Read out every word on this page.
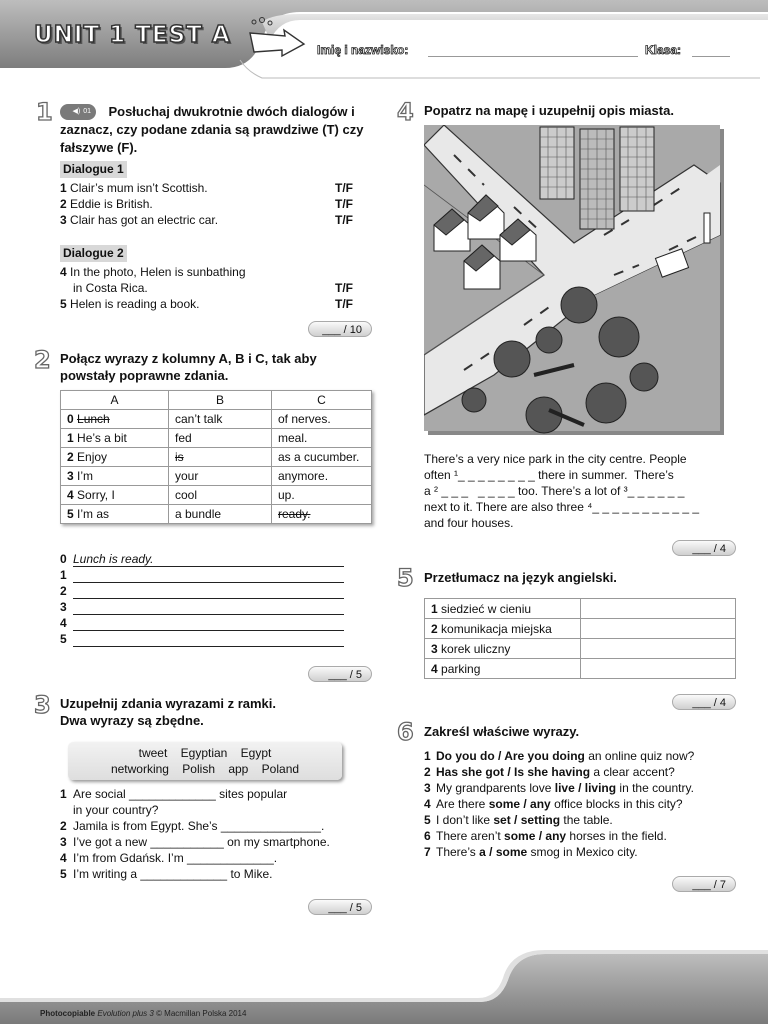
UNIT 1 TEST A
Imię i nazwisko:	Klasa:
1	◀) 01 Posłuchaj dwukrotnie dwóch dialogów i zaznacz, czy podane zdania są prawdziwe (T) czy fałszywe (F).
Dialogue 1
1 Clair’s mum isn’t Scottish.	T/F
2 Eddie is British.	T/F
3 Clair has got an electric car.	T/F
Dialogue 2
4 In the photo, Helen is sunbathing
in Costa Rica.	T/F
5 Helen is reading a book.	T/F
___ / 10
2 Połącz wyrazy z kolumny A, B i C, tak aby powstały poprawne zdania.
A	B	C
0 Lunch	can’t talk	of nerves.
1 He’s a bit	fed	meal.
2 Enjoy	is	as a cucumber.
3 I’m	your	anymore.
4 Sorry, I	cool	up.
5 I’m as	a bundle	ready.
0 Lunch is ready.
1
2
3
4
5
___ / 5
3 Uzupełnij zdania wyrazami z ramki.
Dwa wyrazy są zbędne.
tweet    Egyptian    Egypt
networking    Polish    app    Poland
1 Are social _____________ sites popular
in your country?
2 Jamila is from Egypt. She’s _______________.
3 I’ve got a new ___________ on my smartphone.
4 I’m from Gdańsk. I’m _____________.
5 I’m writing a _____________ to Mike.
___ / 5
4 Popatrz na mapę i uzupełnij opis miasta.
There’s a very nice park in the city centre. People
often ¹_ _ _ _ _ _ _ _ there in summer.  There’s
a ² _ _ _   _ _ _ _ too. There’s a lot of ³_ _ _ _ _ _
next to it. There are also three ⁴_ _ _ _ _ _ _ _ _ _ _
and four houses.
___ / 4
5 Przetłumacz na język angielski.
1 siedzieć w cieniu	
2 komunikacja miejska	
3 korek uliczny	
4 parking	
___ / 4
6 Zakreśl właściwe wyrazy.
1 Do you do / Are you doing an online quiz now?
2 Has she got / Is she having a clear accent?
3 My grandparents love live / living in the country.
4 Are there some / any office blocks in this city?
5 I don’t like set / setting the table.
6 There aren’t some / any horses in the field.
7 There’s a / some smog in Mexico city.
___ / 7
Photocopiable Evolution plus 3 © Macmillan Polska 2014
